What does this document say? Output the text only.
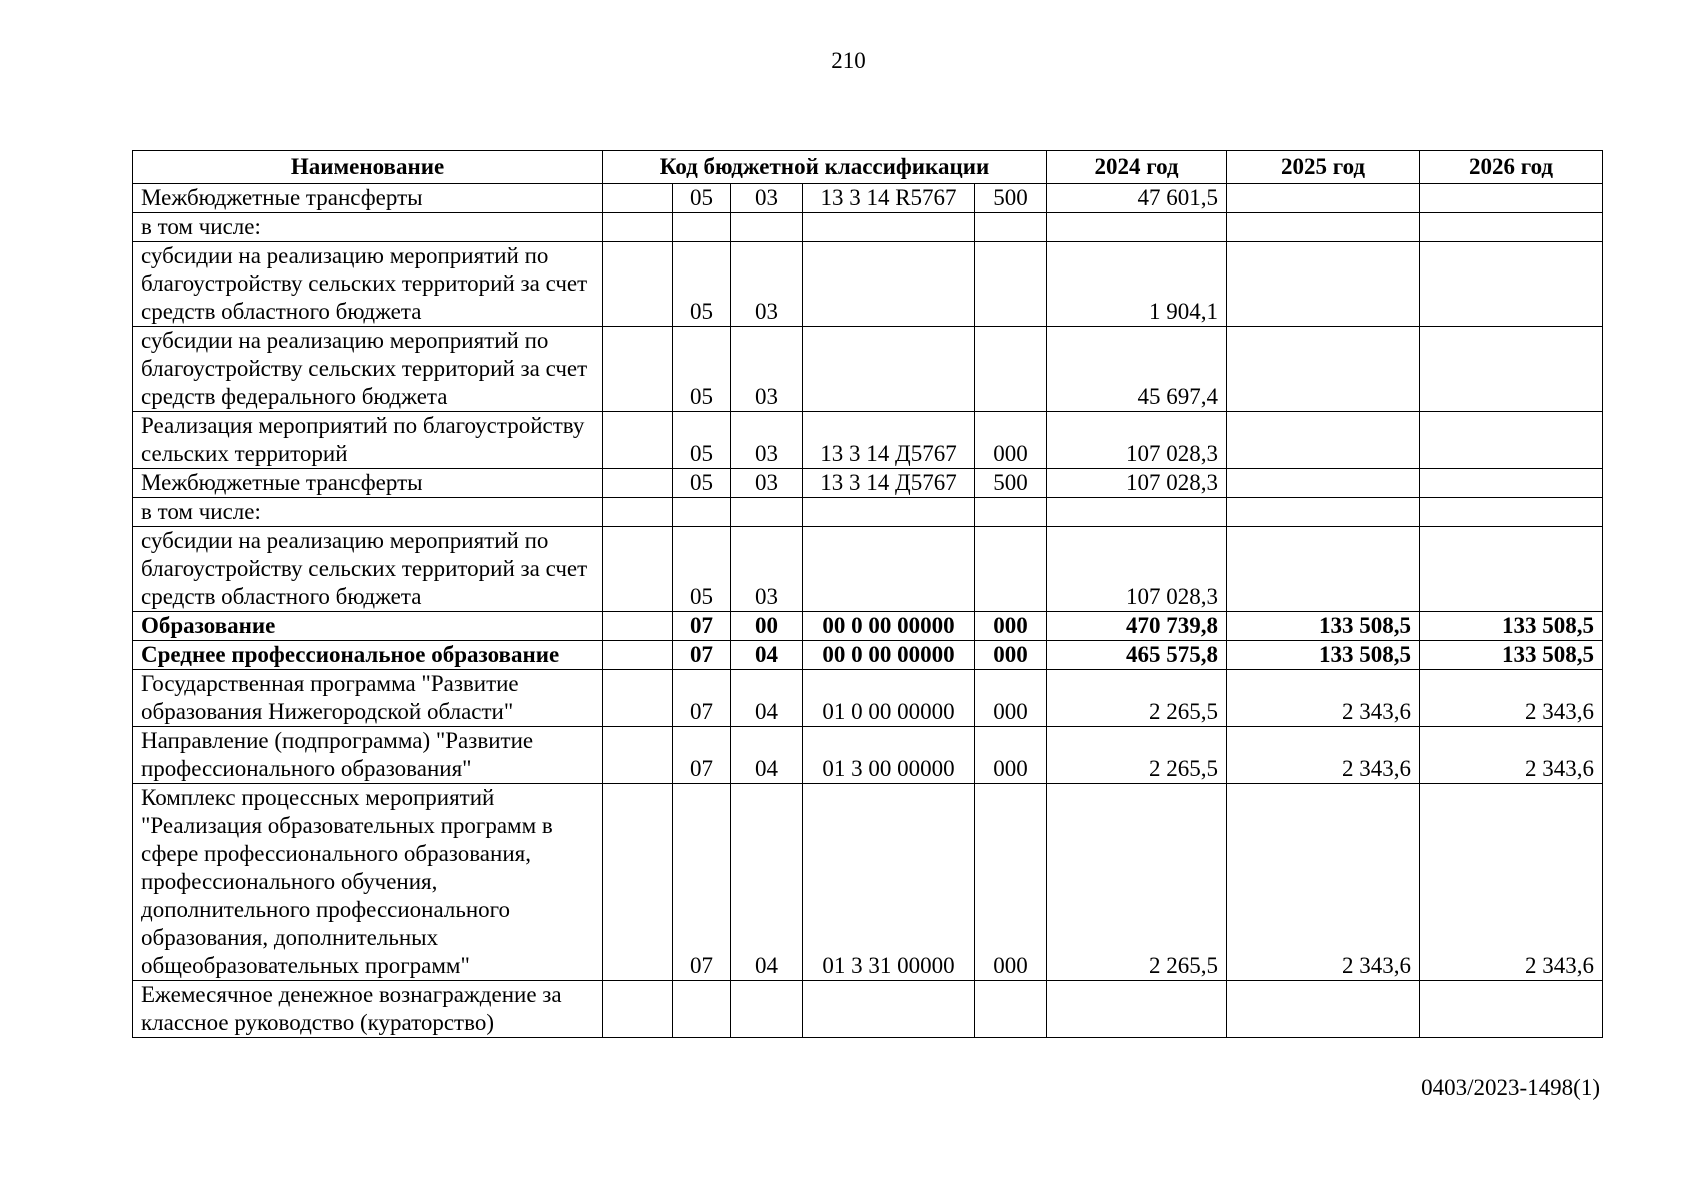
210
Наименование	Код бюджетной классификации					2024 год	2025 год	2026 год
Межбюджетные трансферты		05	03	13 3 14 R5767	500	47 601,5		
в том числе:								
субсидии на реализацию мероприятий по благоустройству сельских территорий за счет средств областного бюджета		05	03			1 904,1		
субсидии на реализацию мероприятий по благоустройству сельских территорий за счет средств федерального бюджета		05	03			45 697,4		
Реализация мероприятий по благоустройству сельских территорий		05	03	13 3 14 Д5767	000	107 028,3		
Межбюджетные трансферты		05	03	13 3 14 Д5767	500	107 028,3		
в том числе:								
субсидии на реализацию мероприятий по благоустройству сельских территорий за счет средств областного бюджета		05	03			107 028,3		
Образование		07	00	00 0 00 00000	000	470 739,8	133 508,5	133 508,5
Среднее профессиональное образование		07	04	00 0 00 00000	000	465 575,8	133 508,5	133 508,5
Государственная программа "Развитие образования Нижегородской области"		07	04	01 0 00 00000	000	2 265,5	2 343,6	2 343,6
Направление (подпрограмма) "Развитие профессионального образования"		07	04	01 3 00 00000	000	2 265,5	2 343,6	2 343,6
Комплекс процессных мероприятий "Реализация образовательных программ в сфере профессионального образования, профессионального обучения, дополнительного профессионального образования, дополнительных общеобразовательных программ"		07	04	01 3 31 00000	000	2 265,5	2 343,6	2 343,6
Ежемесячное денежное вознаграждение за классное руководство (кураторство)								
0403/2023-1498(1)
